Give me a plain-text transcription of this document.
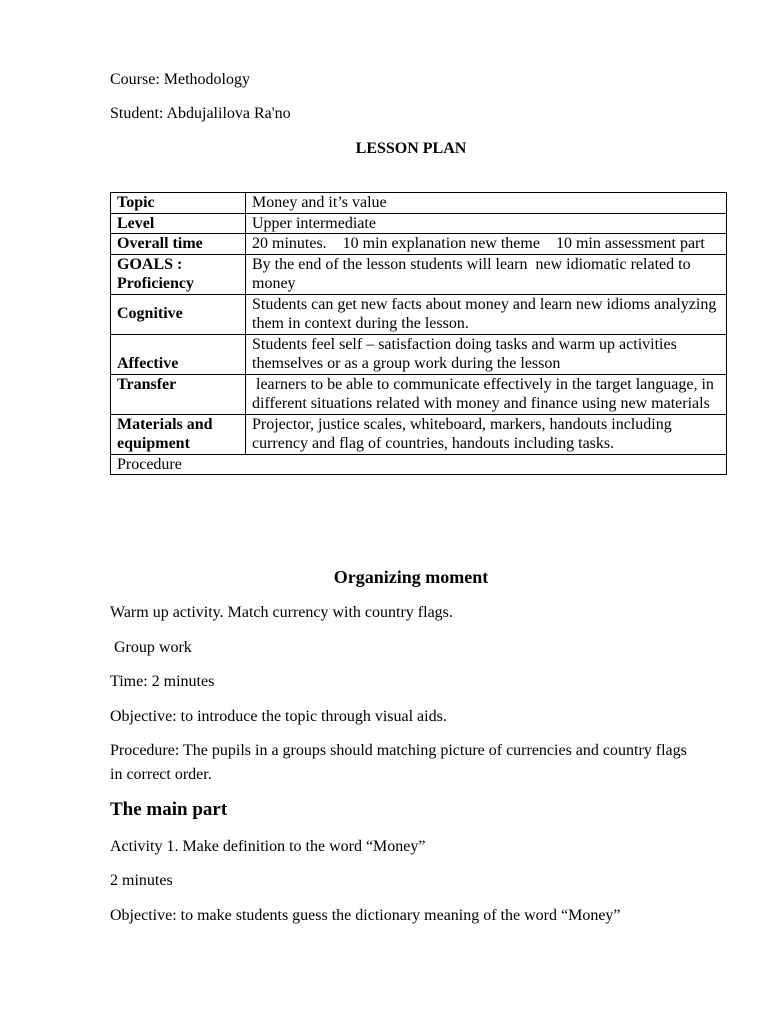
Course: Methodology
Student: Abdujalilova Ra'no
LESSON PLAN
Topic	Money and it’s value
Level	Upper intermediate
Overall time	20 minutes.    10 min explanation new theme    10 min assessment part
GOALS : Proficiency	By the end of the lesson students will learn  new idiomatic related to money
Cognitive	Students can get new facts about money and learn new idioms analyzing them in context during the lesson.
Affective	Students feel self – satisfaction doing tasks and warm up activities themselves or as a group work during the lesson
Transfer	learners to be able to communicate effectively in the target language, in different situations related with money and finance using new materials
Materials and equipment	Projector, justice scales, whiteboard, markers, handouts including currency and flag of countries, handouts including tasks.
Procedure	
Organizing moment
Warm up activity. Match currency with country flags.
Group work
Time: 2 minutes
Objective: to introduce the topic through visual aids.
Procedure: The pupils in a groups should matching picture of currencies and country flags in correct order.
The main part
Activity 1. Make definition to the word “Money”
2 minutes
Objective: to make students guess the dictionary meaning of the word “Money”
